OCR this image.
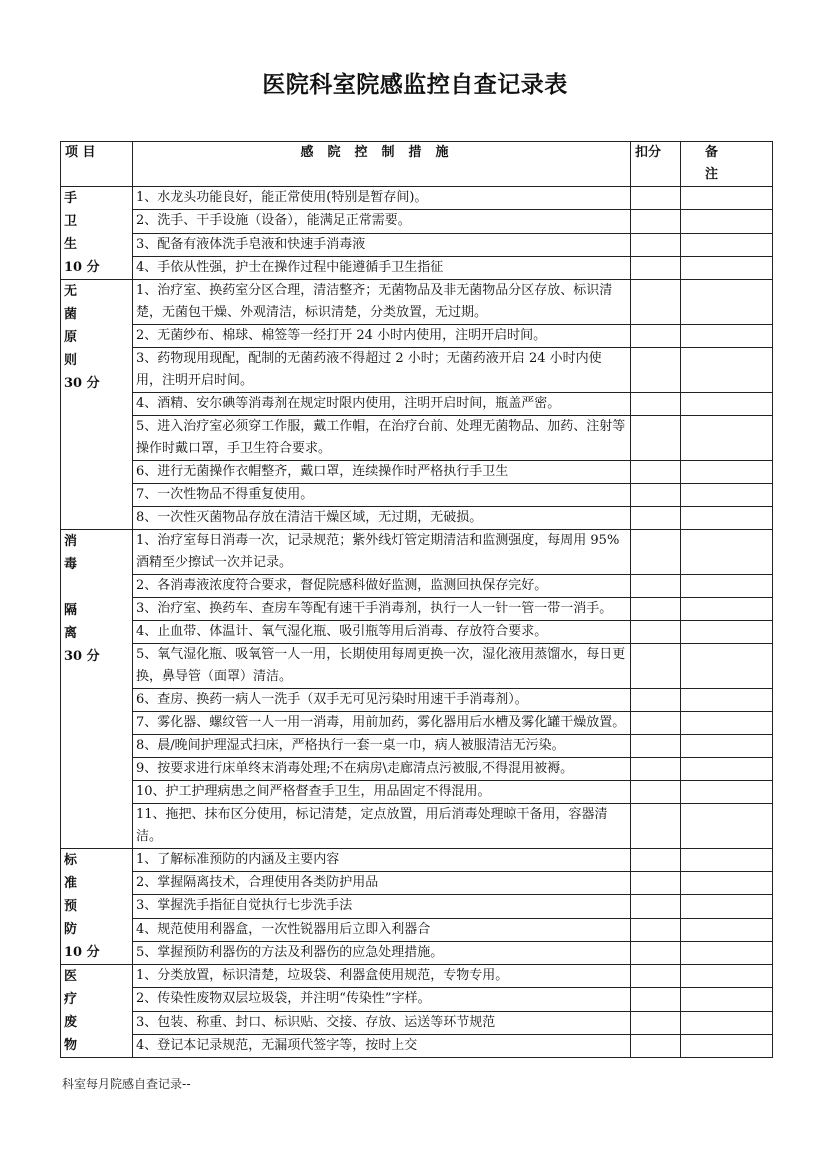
医院科室院感监控自查记录表
项 目	感院控制措施	扣分	备注

手
卫
生
10 分	1、水龙头功能良好，能正常使用(特别是暂存间)。		
	2、洗手、干手设施（设备），能满足正常需要。		
	3、配备有液体洗手皂液和快速手消毒液		
	4、手依从性强，护士在操作过程中能遵循手卫生指征		

无
菌
原
则
30 分	1、治疗室、换药室分区合理，清洁整齐；无菌物品及非无菌物品分区存放、标识清楚，无菌包干燥、外观清洁，标识清楚，分类放置，无过期。		
	2、无菌纱布、棉球、棉签等一经打开 24 小时内使用，注明开启时间。		
	3、药物现用现配，配制的无菌药液不得超过 2 小时；无菌药液开启 24 小时内使用，注明开启时间。		
	4、酒精、安尔碘等消毒剂在规定时限内使用，注明开启时间，瓶盖严密。		
	5、进入治疗室必须穿工作服，戴工作帽，在治疗台前、处理无菌物品、加药、注射等操作时戴口罩，手卫生符合要求。		
	6、进行无菌操作衣帽整齐，戴口罩，连续操作时严格执行手卫生		
	7、一次性物品不得重复使用。		
	8、一次性灭菌物品存放在清洁干燥区域，无过期，无破损。		

消
毒
隔
离
30 分	1、治疗室每日消毒一次，记录规范；紫外线灯管定期清洁和监测强度，每周用 95%酒精至少擦试一次并记录。		
	2、各消毒液浓度符合要求，督促院感科做好监测，监测回执保存完好。		
	3、治疗室、换药车、查房车等配有速干手消毒剂，执行一人一针一管一带一消手。		
	4、止血带、体温计、氧气湿化瓶、吸引瓶等用后消毒、存放符合要求。		
	5、氧气湿化瓶、吸氧管一人一用，长期使用每周更换一次，湿化液用蒸馏水，每日更换，鼻导管（面罩）清洁。		
	6、查房、换药一病人一洗手（双手无可见污染时用速干手消毒剂）。		
	7、雾化器、螺纹管一人一用一消毒，用前加药，雾化器用后水槽及雾化罐干燥放置。		
	8、晨/晚间护理湿式扫床，严格执行一套一桌一巾，病人被服清洁无污染。		
	9、按要求进行床单终末消毒处理;不在病房\走廊清点污被服,不得混用被褥。		
	10、护工护理病患之间严格督查手卫生，用品固定不得混用。		
	11、拖把、抹布区分使用，标记清楚，定点放置，用后消毒处理晾干备用，容器清洁。		

标
准
预
防
10 分	1、了解标准预防的内涵及主要内容		
	2、掌握隔离技术，合理使用各类防护用品		
	3、掌握洗手指征自觉执行七步洗手法		
	4、规范使用利器盒，一次性锐器用后立即入利器合		
	5、掌握预防利器伤的方法及利器伤的应急处理措施。		

医
疗
废
物	1、分类放置，标识清楚，垃圾袋、利器盒使用规范，专物专用。		
	2、传染性废物双层垃圾袋，并注明“传染性”字样。		
	3、包装、称重、封口、标识贴、交接、存放、运送等环节规范		
	4、登记本记录规范，无漏项代签字等，按时上交		
科室每月院感自查记录--
